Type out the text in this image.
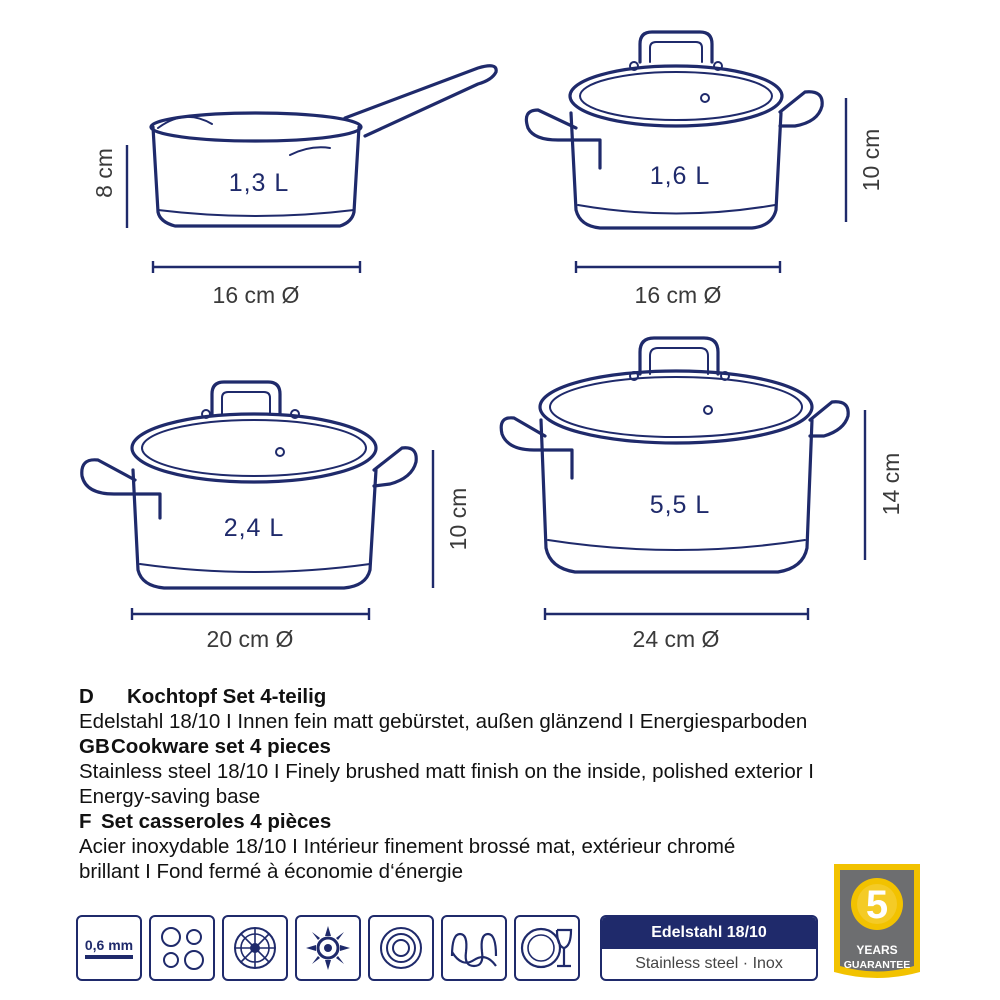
1,3 L
8 cm
16 cm Ø
1,6 L	10 cm
16 cm Ø
2,4 L	10 cm
20 cm Ø
5,5 L	14 cm
24 cm Ø
D	Kochtopf Set 4-teilig
Edelstahl 18/10 I Innen fein matt gebürstet, außen glänzend I Energiesparboden
GB Cookware set 4 pieces
Stainless steel 18/10 I Finely brushed matt finish on the inside, polished exterior I
Energy-saving base
F Set casseroles 4 pièces
Acier inoxydable 18/10 I Intérieur finement brossé mat, extérieur chromé
brillant I Fond fermé à économie d‘énergie
0,6 mm
Edelstahl 18/10
Stainless steel · Inox
5
YEARS
GUARANTEE
